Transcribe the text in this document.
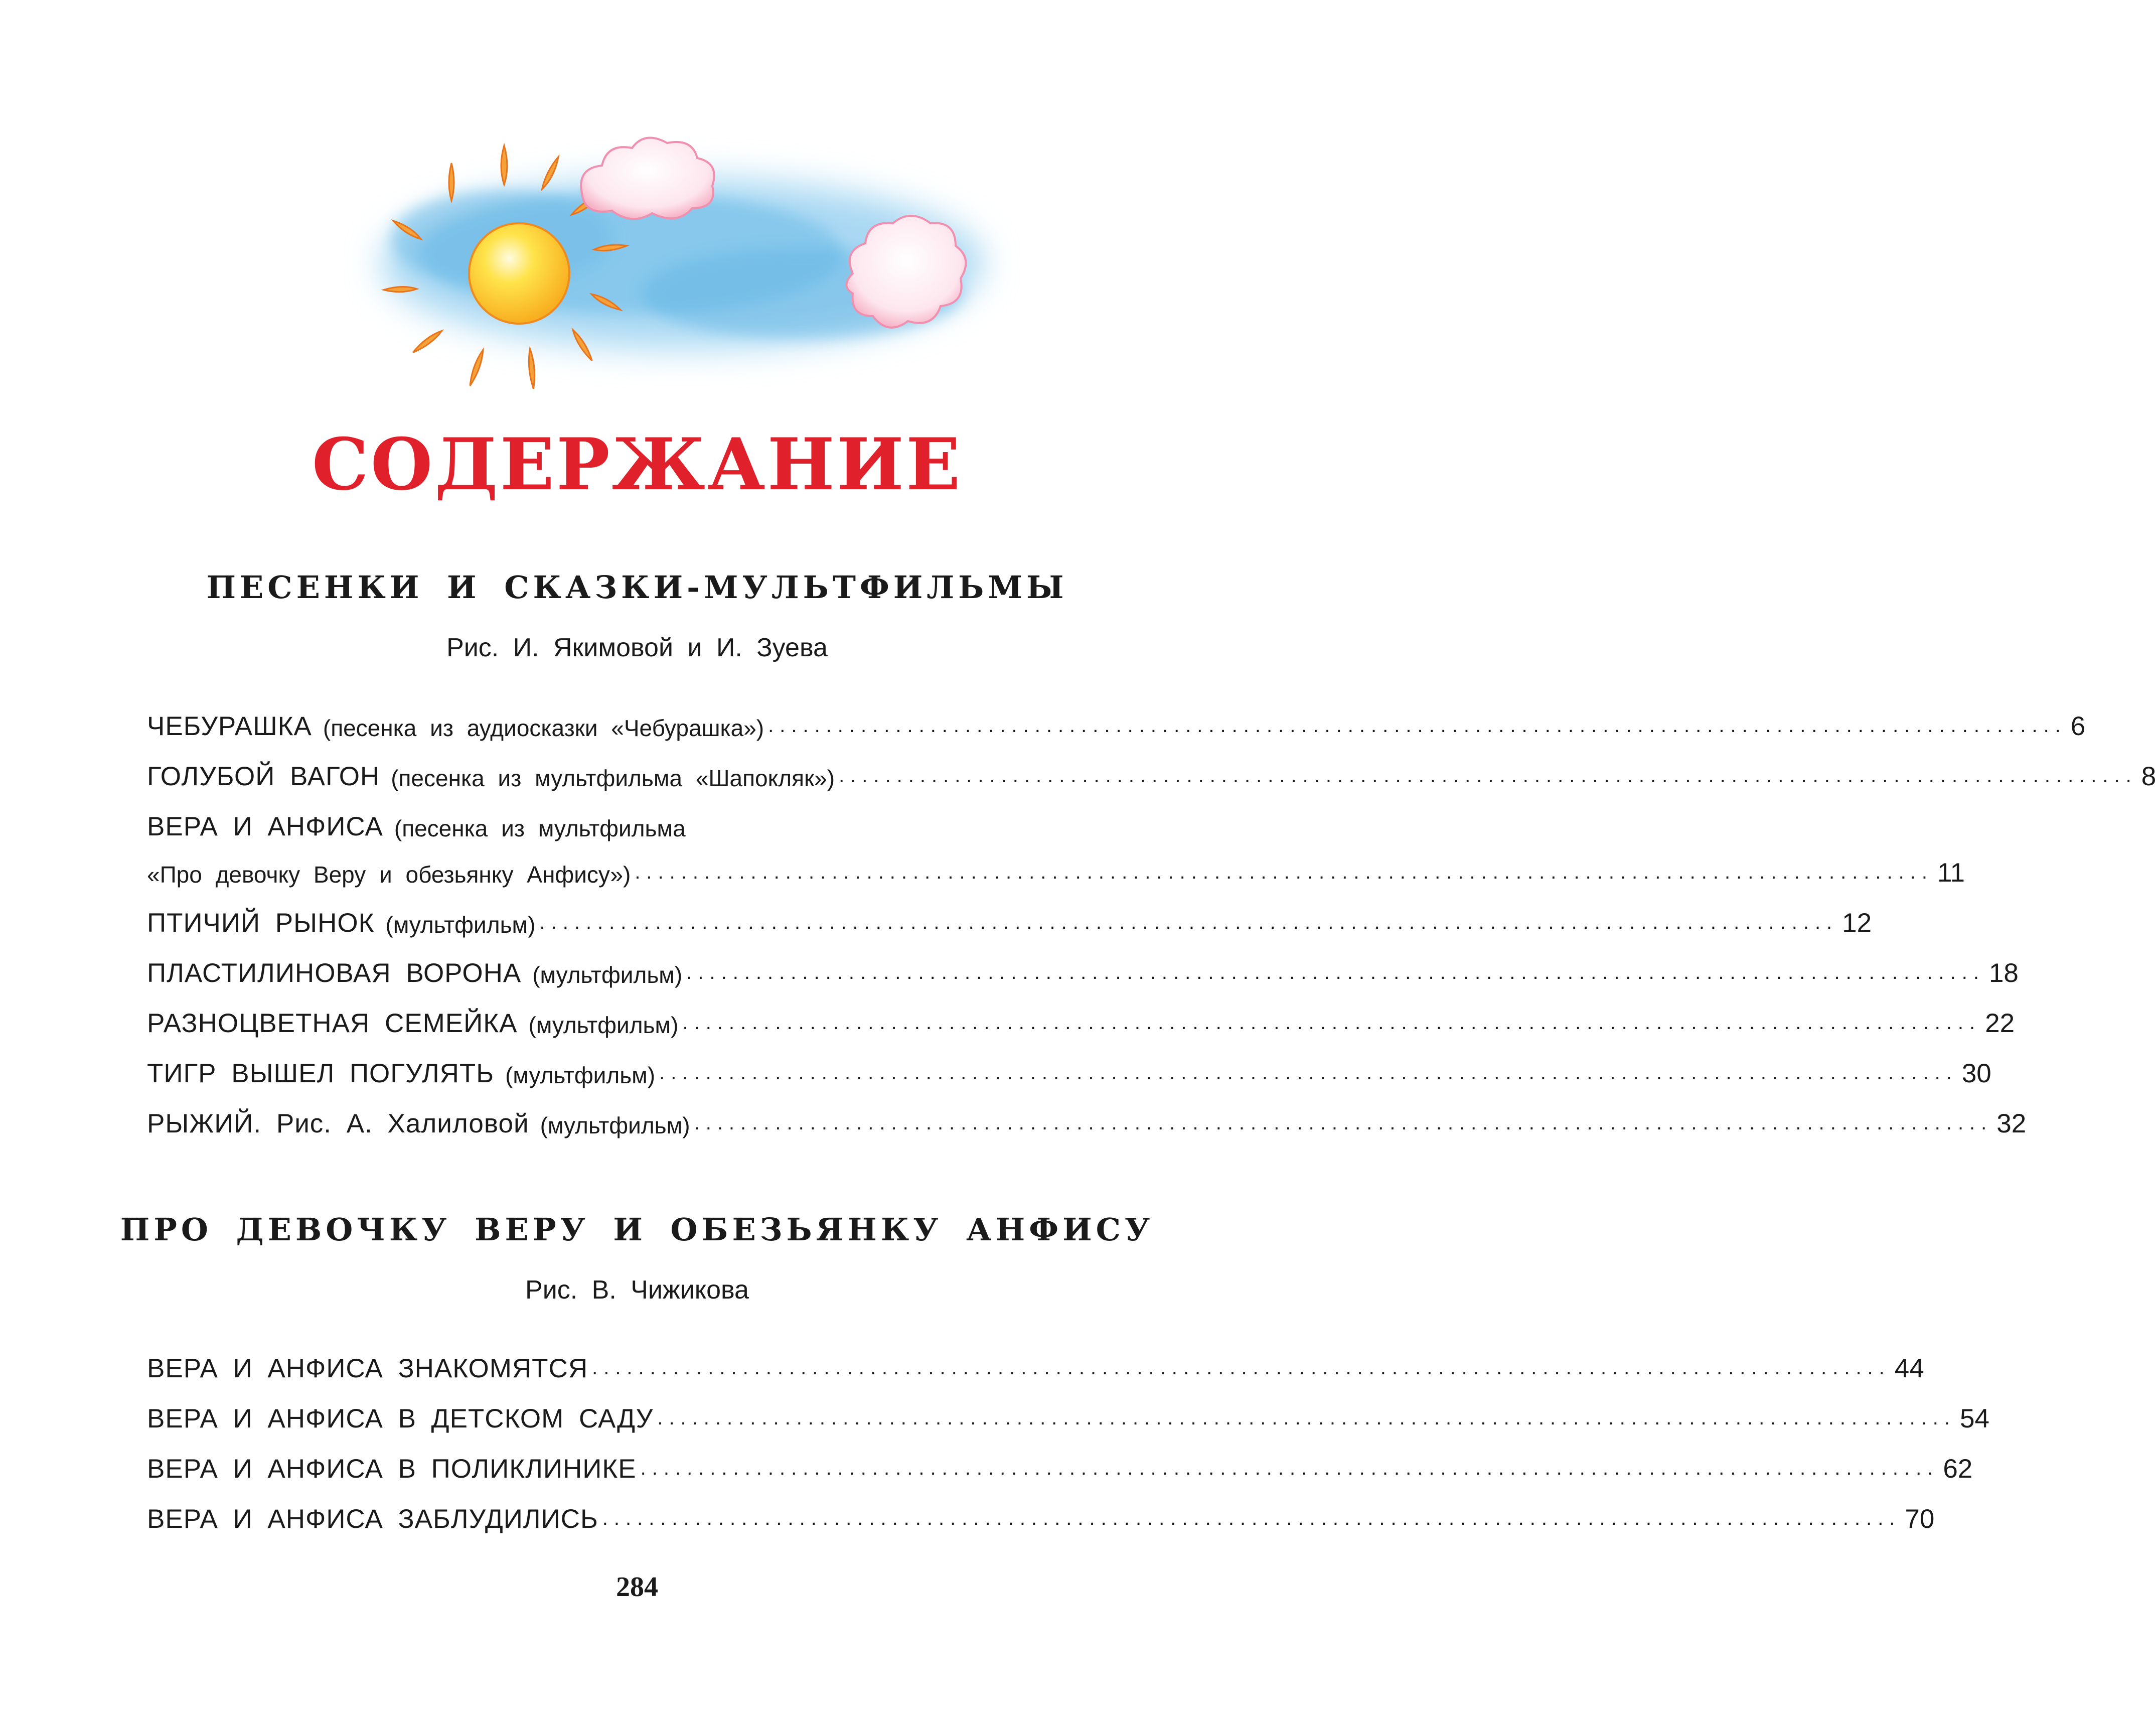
СОДЕРЖАНИЕ
ПЕСЕНКИ И СКАЗКИ-МУЛЬТФИЛЬМЫ
Рис. И. Якимовой и И. Зуева
ЧЕБУРАШКА (песенка из аудиосказки «Чебурашка») ................................................................................................................ 6
ГОЛУБОЙ ВАГОН (песенка из мультфильма «Шапокляк») ................................................................................................................ 8
ВЕРА И АНФИСА (песенка из мультфильма
«Про девочку Веру и обезьянку Анфису») ................................................................................................................ 11
ПТИЧИЙ РЫНОК (мультфильм) ................................................................................................................ 12
ПЛАСТИЛИНОВАЯ ВОРОНА (мультфильм) ................................................................................................................ 18
РАЗНОЦВЕТНАЯ СЕМЕЙКА (мультфильм) ................................................................................................................ 22
ТИГР ВЫШЕЛ ПОГУЛЯТЬ (мультфильм) ................................................................................................................ 30
РЫЖИЙ. Рис. А. Халиловой (мультфильм) ................................................................................................................ 32
ПРО ДЕВОЧКУ ВЕРУ И ОБЕЗЬЯНКУ АНФИСУ
Рис. В. Чижикова
ВЕРА И АНФИСА ЗНАКОМЯТСЯ ................................................................................................................ 44
ВЕРА И АНФИСА В ДЕТСКОМ САДУ ................................................................................................................ 54
ВЕРА И АНФИСА В ПОЛИКЛИНИКЕ ................................................................................................................ 62
ВЕРА И АНФИСА ЗАБЛУДИЛИСЬ ................................................................................................................ 70
284
